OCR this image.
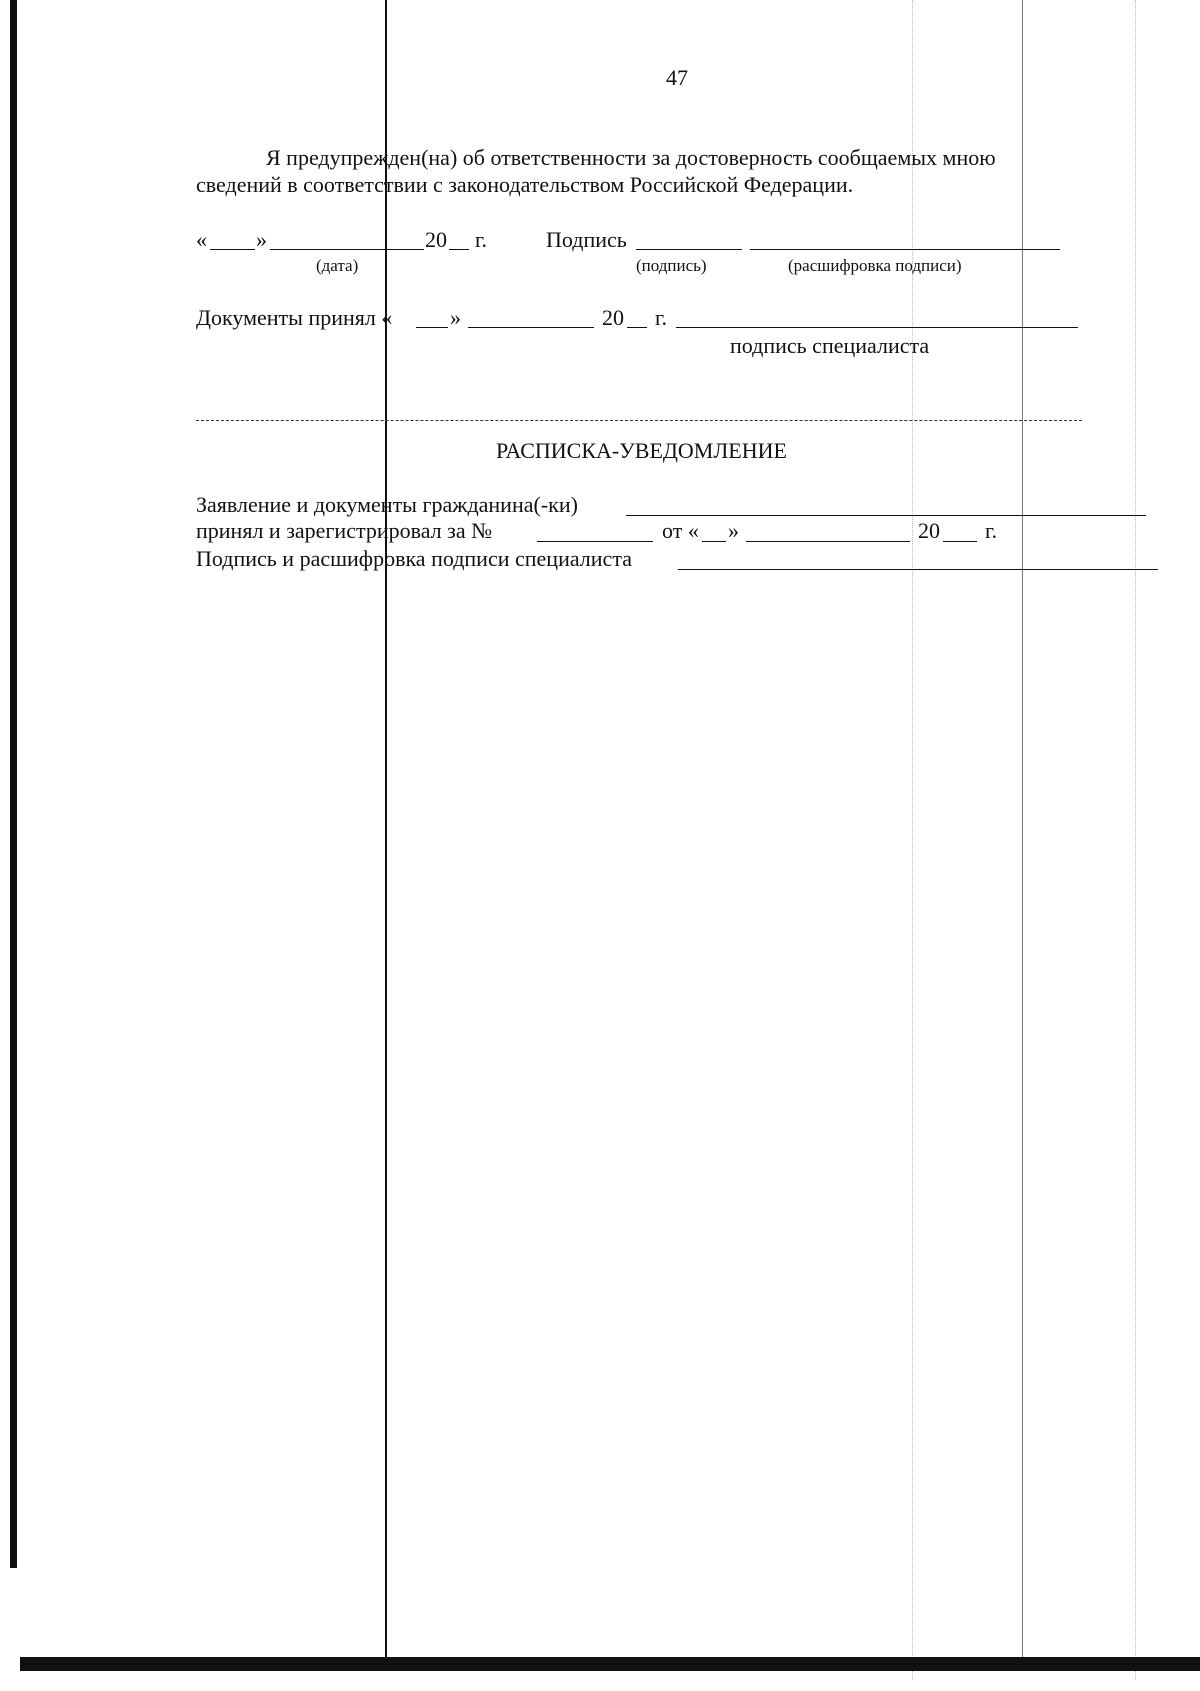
47
Я предупрежден(на) об ответственности за достоверность сообщаемых мною
сведений в соответствии с законодательством Российской Федерации.
« »	20 г.	Подпись
(дата)	(подпись)	(расшифровка подписи)
Документы принял «	»	20 г.
подпись специалиста
РАСПИСКА-УВЕДОМЛЕНИЕ
Заявление и документы гражданина(-ки)
принял и зарегистрировал за №	от « »	20 г.
Подпись и расшифровка подписи специалиста
